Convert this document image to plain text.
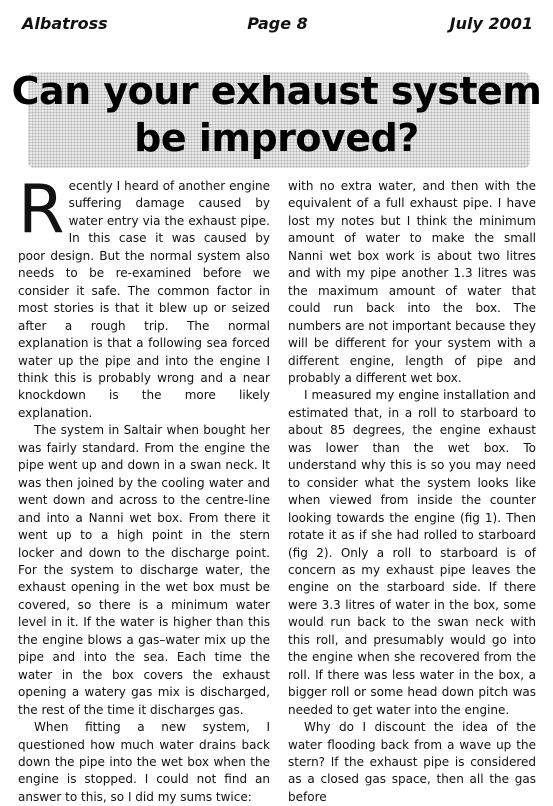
Albatross	Page 8	July 2001
Can your exhaust system
be improved?

Recently I heard of another engine suffering damage caused by water entry via the exhaust pipe. In this case it was caused by poor design. But the normal system also needs to be re-examined before we consider it safe. The common factor in most stories is that it blew up or seized after a rough trip. The normal explanation is that a following sea forced water up the pipe and into the engine I think this is probably wrong and a near knockdown is the more likely explanation.

The system in Saltair when bought her was fairly standard. From the engine the pipe went up and down in a swan neck. It was then joined by the cooling water and went down and across to the centre-line and into a Nanni wet box. From there it went up to a high point in the stern locker and down to the discharge point. For the system to discharge water, the exhaust opening in the wet box must be covered, so there is a minimum water level in it. If the water is higher than this the engine blows a gas–water mix up the pipe and into the sea. Each time the water in the box covers the exhaust opening a watery gas mix is discharged, the rest of the time it discharges gas.

When fitting a new system, I questioned how much water drains back down the pipe into the wet box when the engine is stopped. I could not find an answer to this, so I did my sums twice:

with no extra water, and then with the equivalent of a full exhaust pipe. I have lost my notes but I think the minimum amount of water to make the small Nanni wet box work is about two litres and with my pipe another 1.3 litres was the maximum amount of water that could run back into the box. The numbers are not important because they will be different for your system with a different engine, length of pipe and probably a different wet box.

I measured my engine installation and estimated that, in a roll to starboard to about 85 degrees, the engine exhaust was lower than the wet box. To understand why this is so you may need to consider what the system looks like when viewed from inside the counter looking towards the engine (fig 1). Then rotate it as if she had rolled to starboard (fig 2). Only a roll to starboard is of concern as my exhaust pipe leaves the engine on the starboard side. If there were 3.3 litres of water in the box, some would run back to the swan neck with this roll, and presumably would go into the engine when she recovered from the roll. If there was less water in the box, a bigger roll or some head down pitch was needed to get water into the engine.

Why do I discount the idea of the water flooding back from a wave up the stern? If the exhaust pipe is considered as a closed gas space, then all the gas before
